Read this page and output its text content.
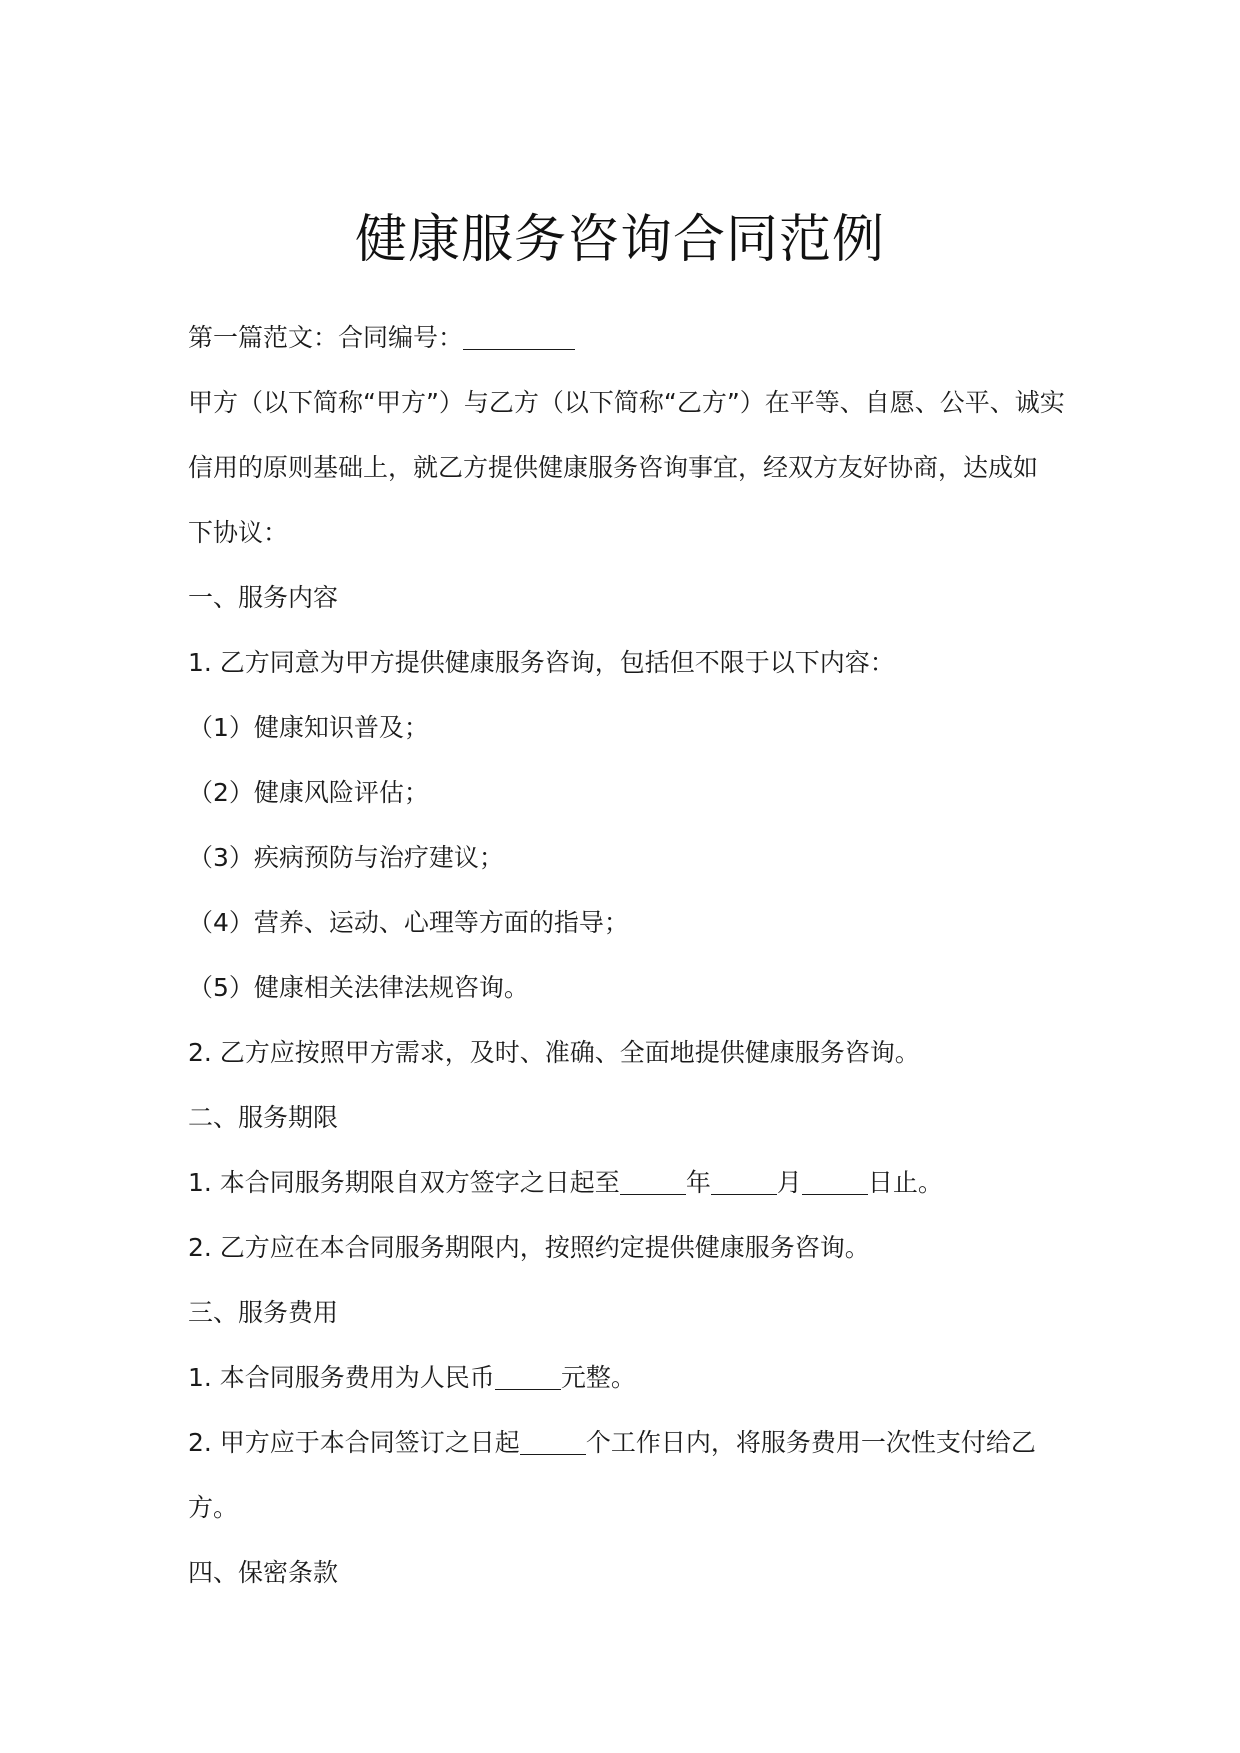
健康服务咨询合同范例
第一篇范文：合同编号：
甲方（以下简称“甲方”）与乙方（以下简称“乙方”）在平等、自愿、公平、诚实
信用的原则基础上，就乙方提供健康服务咨询事宜，经双方友好协商，达成如
下协议：
一、服务内容
1. 乙方同意为甲方提供健康服务咨询，包括但不限于以下内容：
（1）健康知识普及；
（2）健康风险评估；
（3）疾病预防与治疗建议；
（4）营养、运动、心理等方面的指导；
（5）健康相关法律法规咨询。
2. 乙方应按照甲方需求，及时、准确、全面地提供健康服务咨询。
二、服务期限
1. 本合同服务期限自双方签字之日起至	年	月	日止。
2. 乙方应在本合同服务期限内，按照约定提供健康服务咨询。
三、服务费用
1. 本合同服务费用为人民币	元整。
2. 甲方应于本合同签订之日起	个工作日内，将服务费用一次性支付给乙
方。
四、保密条款
